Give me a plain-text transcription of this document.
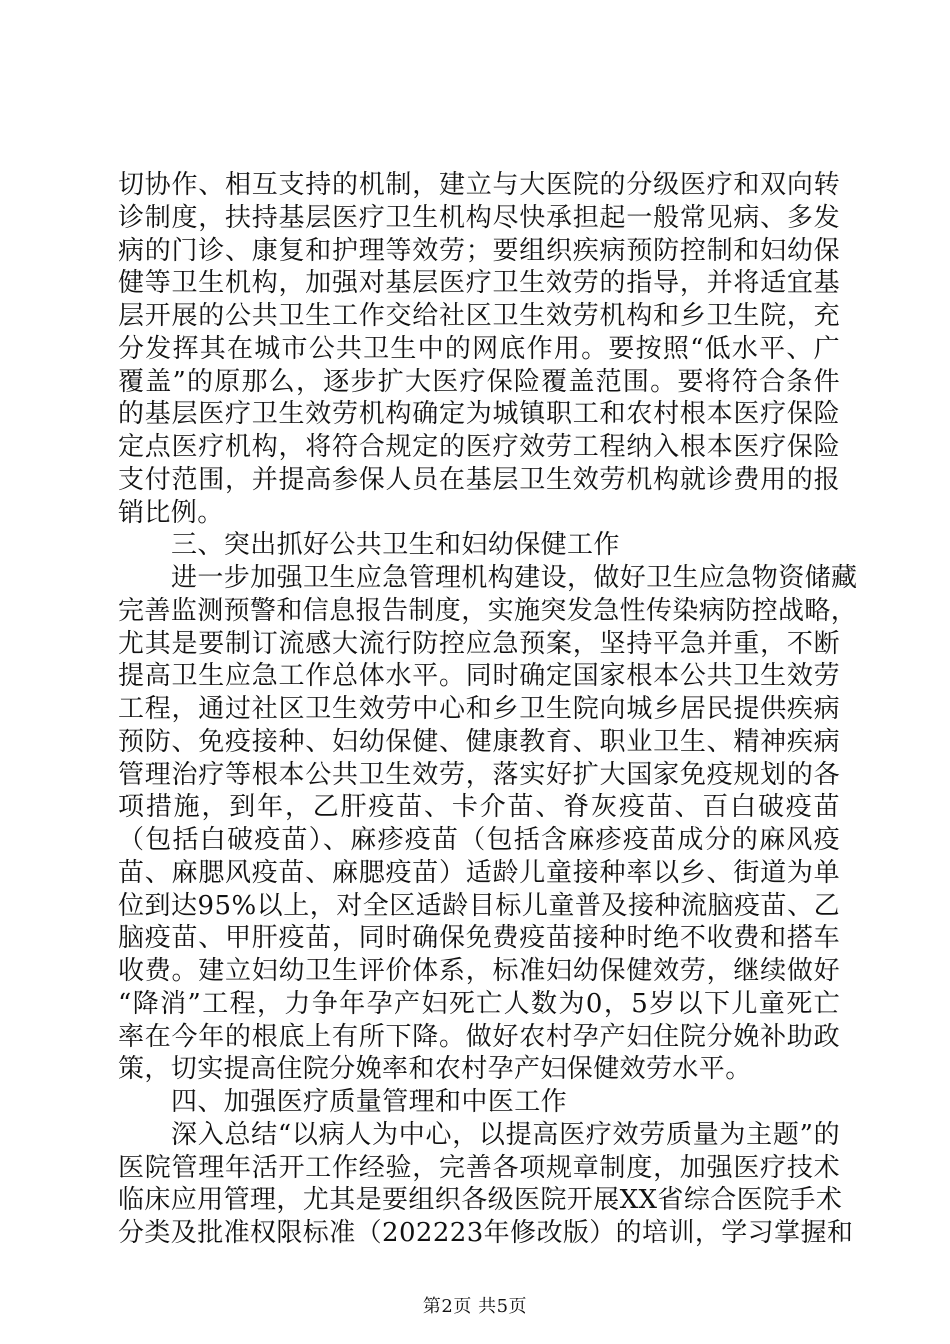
切协作、相互支持的机制，建立与大医院的分级医疗和双向转
诊制度，扶持基层医疗卫生机构尽快承担起一般常见病、多发
病的门诊、康复和护理等效劳；要组织疾病预防控制和妇幼保
健等卫生机构，加强对基层医疗卫生效劳的指导，并将适宜基
层开展的公共卫生工作交给社区卫生效劳机构和乡卫生院，充
分发挥其在城市公共卫生中的网底作用。要按照“低水平、广
覆盖”的原那么，逐步扩大医疗保险覆盖范围。要将符合条件
的基层医疗卫生效劳机构确定为城镇职工和农村根本医疗保险
定点医疗机构，将符合规定的医疗效劳工程纳入根本医疗保险
支付范围，并提高参保人员在基层卫生效劳机构就诊费用的报
销比例。
三、突出抓好公共卫生和妇幼保健工作
进一步加强卫生应急管理机构建设，做好卫生应急物资储藏
完善监测预警和信息报告制度，实施突发急性传染病防控战略，
尤其是要制订流感大流行防控应急预案，坚持平急并重，不断
提高卫生应急工作总体水平。同时确定国家根本公共卫生效劳
工程，通过社区卫生效劳中心和乡卫生院向城乡居民提供疾病
预防、免疫接种、妇幼保健、健康教育、职业卫生、精神疾病
管理治疗等根本公共卫生效劳，落实好扩大国家免疫规划的各
项措施，到年，乙肝疫苗、卡介苗、脊灰疫苗、百白破疫苗
（包括白破疫苗）、麻疹疫苗（包括含麻疹疫苗成分的麻风疫
苗、麻腮风疫苗、麻腮疫苗）适龄儿童接种率以乡、街道为单
位到达95%以上，对全区适龄目标儿童普及接种流脑疫苗、乙
脑疫苗、甲肝疫苗，同时确保免费疫苗接种时绝不收费和搭车
收费。建立妇幼卫生评价体系，标准妇幼保健效劳，继续做好
“降消”工程，力争年孕产妇死亡人数为0，5岁以下儿童死亡
率在今年的根底上有所下降。做好农村孕产妇住院分娩补助政
策，切实提高住院分娩率和农村孕产妇保健效劳水平。
四、加强医疗质量管理和中医工作
深入总结“以病人为中心，以提高医疗效劳质量为主题”的
医院管理年活开工作经验，完善各项规章制度，加强医疗技术
临床应用管理，尤其是要组织各级医院开展XX省综合医院手术
分类及批准权限标准（202223年修改版）的培训，学习掌握和
第2页 共5页
